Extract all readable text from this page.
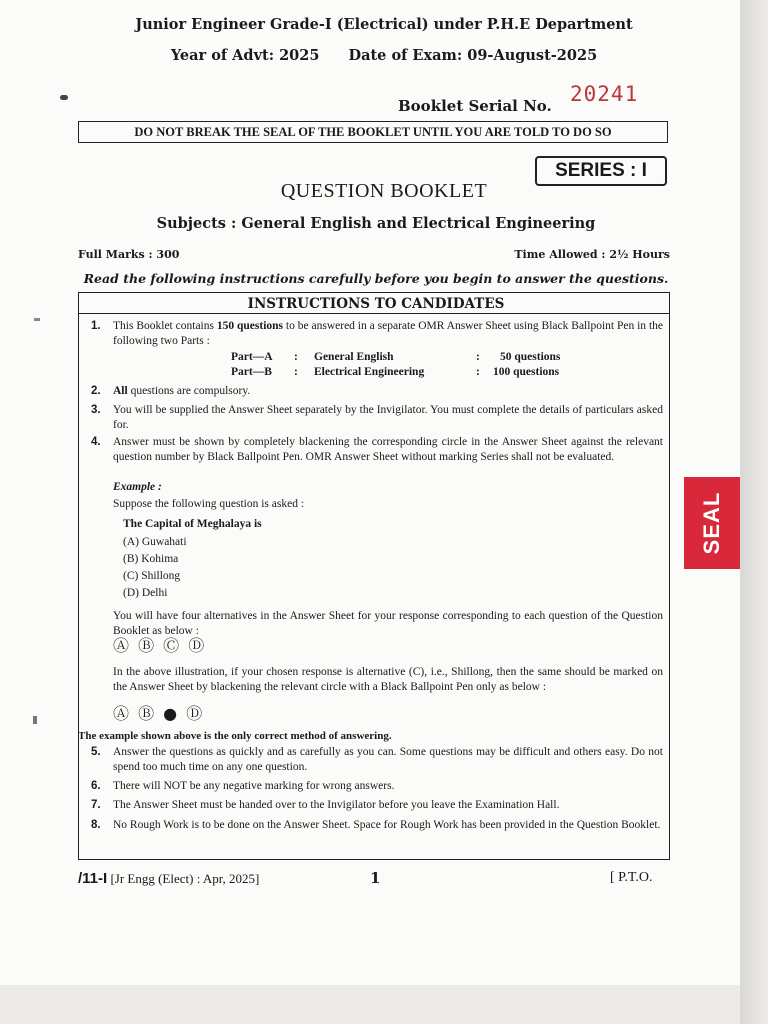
Junior Engineer Grade-I (Electrical) under P.H.E Department
Year of Advt: 2025 Date of Exam: 09-August-2025
Booklet Serial No. 20241
DO NOT BREAK THE SEAL OF THE BOOKLET UNTIL YOU ARE TOLD TO DO SO
SERIES : I
QUESTION BOOKLET
Subjects : General English and Electrical Engineering
Full Marks : 300	Time Allowed : 2½ Hours
Read the following instructions carefully before you begin to answer the questions.
INSTRUCTIONS TO CANDIDATES
1. This Booklet contains 150 questions to be answered in a separate OMR Answer Sheet using Black Ballpoint Pen in the following two Parts :
Part—A : General English	: 50 questions
Part—B : Electrical Engineering	: 100 questions
2. All questions are compulsory.
3. You will be supplied the Answer Sheet separately by the Invigilator. You must complete the details of particulars asked for.
4. Answer must be shown by completely blackening the corresponding circle in the Answer Sheet against the relevant question number by Black Ballpoint Pen. OMR Answer Sheet without marking Series shall not be evaluated.
Example :
Suppose the following question is asked :
The Capital of Meghalaya is
(A) Guwahati
(B) Kohima
(C) Shillong
(D) Delhi
You will have four alternatives in the Answer Sheet for your response corresponding to each question of the Question Booklet as below :
Ⓐ Ⓑ Ⓒ Ⓓ
In the above illustration, if your chosen response is alternative (C), i.e., Shillong, then the same should be marked on the Answer Sheet by blackening the relevant circle with a Black Ballpoint Pen only as below :
Ⓐ Ⓑ ● Ⓓ
The example shown above is the only correct method of answering.
5. Answer the questions as quickly and as carefully as you can. Some questions may be difficult and others easy. Do not spend too much time on any one question.
6. There will NOT be any negative marking for wrong answers.
7. The Answer Sheet must be handed over to the Invigilator before you leave the Examination Hall.
8. No Rough Work is to be done on the Answer Sheet. Space for Rough Work has been provided in the Question Booklet.
/11-I [Jr Engg (Elect) : Apr, 2025]	1	[ P.T.O.
SEAL
